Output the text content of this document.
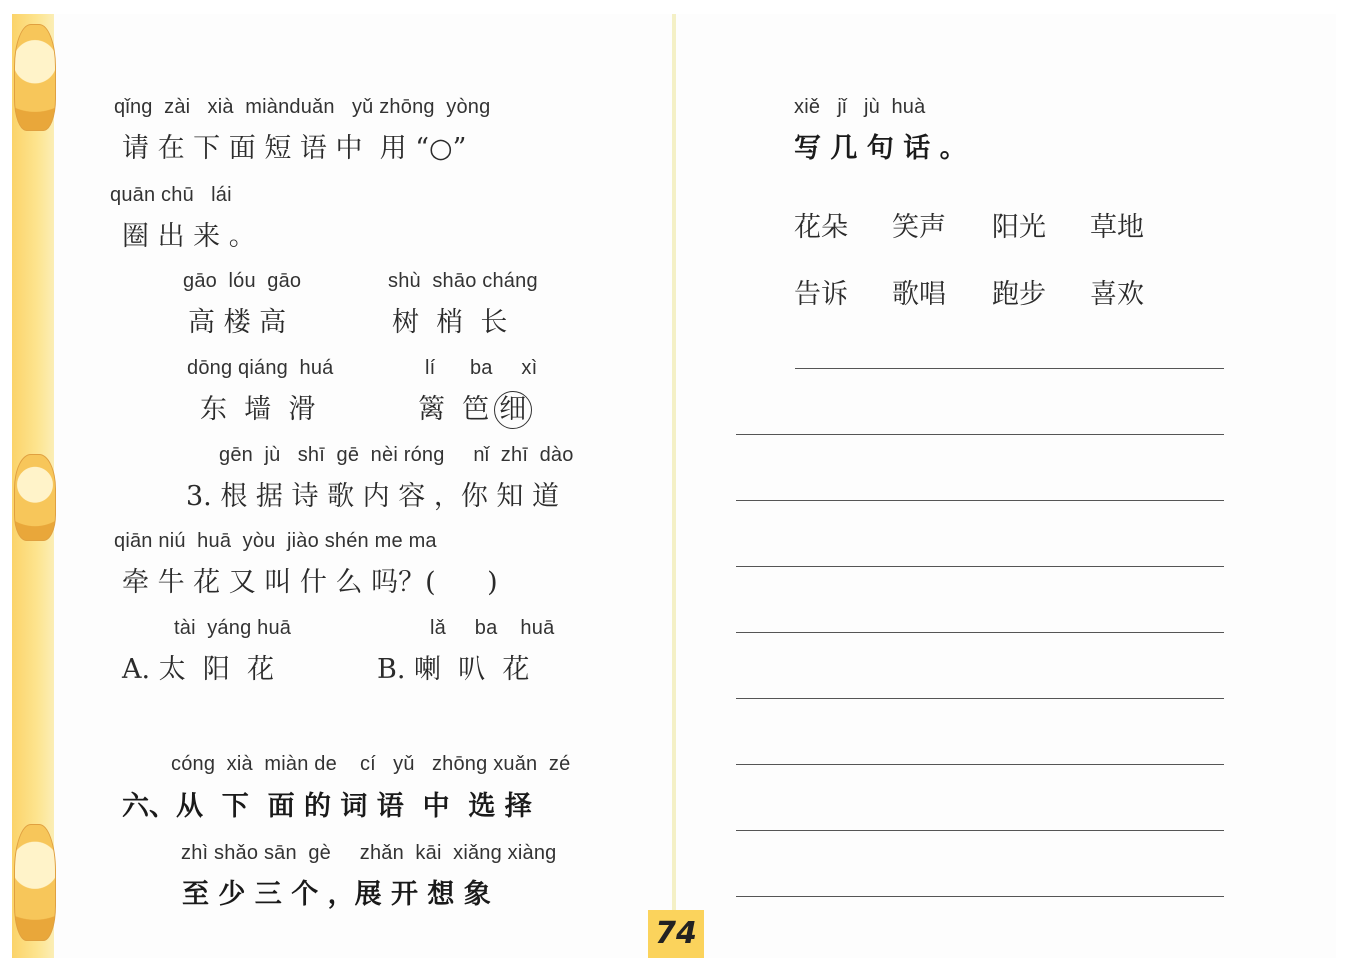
qǐng  zài   xià  miànduǎn   yǔ zhōng  yòng
请 在 下 面 短 语 中  用 “○”
quān chū   lái
圈 出 来 。
gāo  lóu  gāo
高 楼 高
shù  shāo cháng
树  梢  长
dōng qiáng  huá
东  墙  滑
lí      ba     xì
篱  笆 细
gēn  jù   shī  gē  nèi róng     nǐ  zhī  dào
3. 根 据 诗 歌 内 容 ，你 知 道
qiān niú  huā  yòu  jiào shén me ma
牵 牛 花 又 叫 什 么 吗？(      )
tài  yáng huā
A. 太  阳  花
lǎ     ba    huā
B. 喇  叭  花
cóng  xià  miàn de    cí   yǔ   zhōng xuǎn  zé
六、从  下  面 的 词 语  中  选 择
zhì shǎo sān  gè     zhǎn  kāi  xiǎng xiàng
至 少 三 个 ，展 开 想 象
74
xiě   jǐ   jù  huà
写 几 句 话 。
花朵 笑声 阳光 草地
告诉 歌唱 跑步 喜欢
